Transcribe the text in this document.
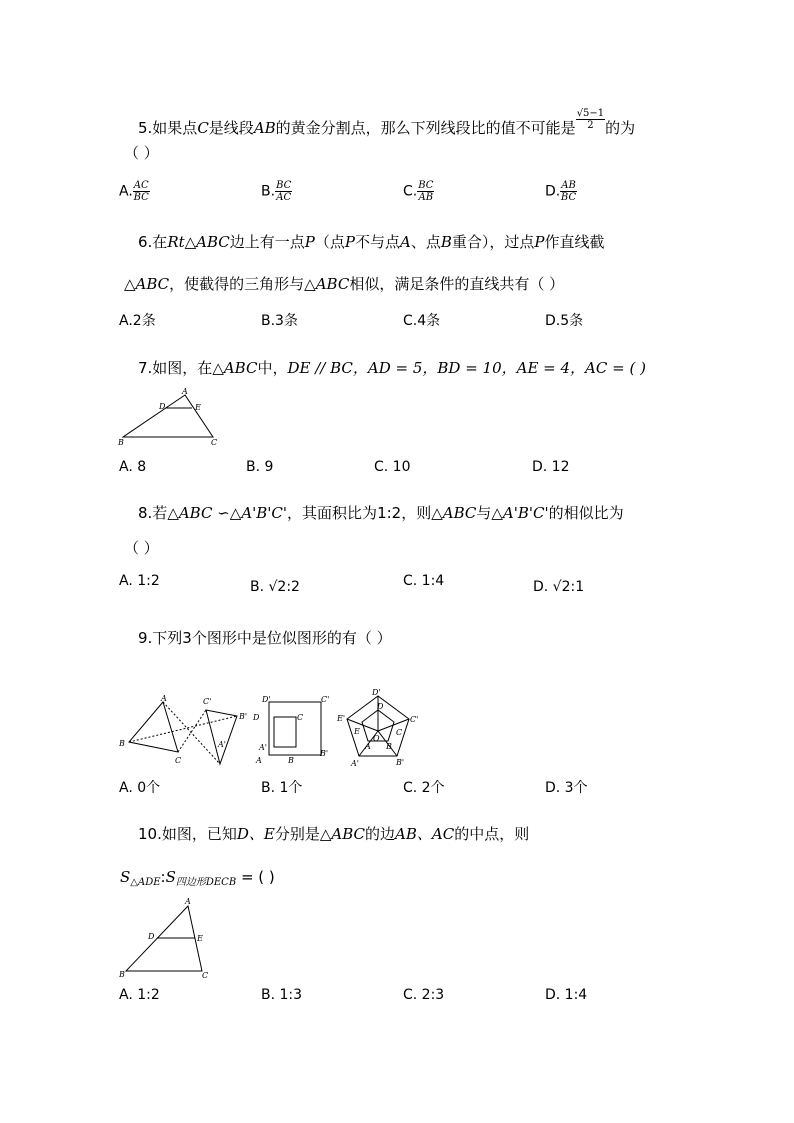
5.如果点C是线段AB的黄金分割点，那么下列线段比的值不可能是 $\frac{√5-1}{2}$的为
（ ）
A. $\frac{AC}{BC}$	B. $\frac{BC}{AC}$	C. $\frac{BC}{AB}$	D. $\frac{AB}{BC}$
6.在Rt△ABC边上有一点P（点P不与点A、点B重合），过点P作直线截
△ABC，使截得的三角形与△ABC相似，满足条件的直线共有（ ）
A.2条	B.3条	C.4条	D.5条
7.如图，在△ABC中，DE // BC，AD = 5，BD = 10，AE = 4，AC = ( )
A
D	E
B	C
A. 8	B. 9	C. 10	D. 12
8.若△ABC ∽△A'B'C'，其面积比为1:2，则△ABC与△A'B'C'的相似比为
（ ）
A. 1:2	B. √2:2	C. 1:4	D. √2:1
9.下列3个图形中是位似图形的有（ ）
A
B
C
C'
B'
A'
D'	C'
D	C
A'
A	B
B'
D'
D
E'
E
C'
C
O
A B
A'	B'
A. 0个	B. 1个	C. 2个	D. 3个
10.如图，已知D、E分别是△ABC的边AB、AC的中点，则
$S_{\triangle ADE}:S_{四边形DECB}$ = ( )
A
D	E
B	C
A. 1:2	B. 1:3	C. 2:3	D. 1:4
